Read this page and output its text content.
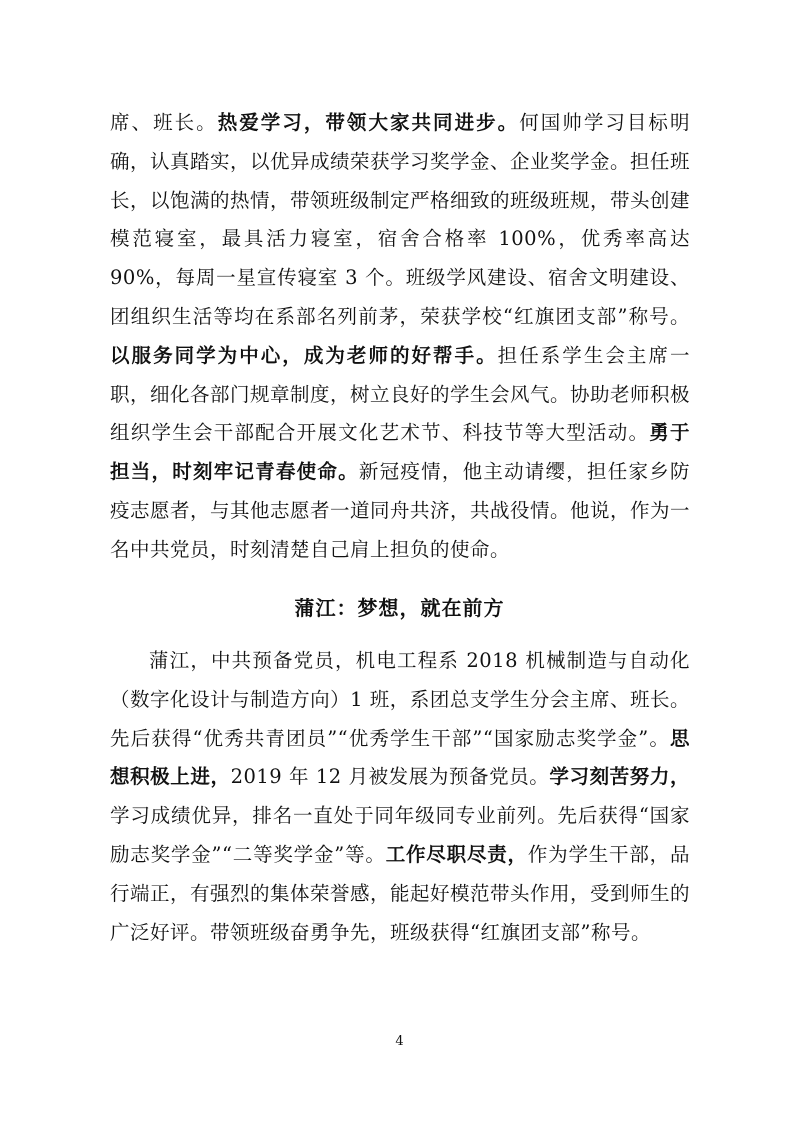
席、班长。热爱学习，带领大家共同进步。何国帅学习目标明确，认真踏实，以优异成绩荣获学习奖学金、企业奖学金。担任班长，以饱满的热情，带领班级制定严格细致的班级班规，带头创建模范寝室，最具活力寝室，宿舍合格率 100%，优秀率高达 90%，每周一星宣传寝室 3 个。班级学风建设、宿舍文明建设、团组织生活等均在系部名列前茅，荣获学校“红旗团支部”称号。以服务同学为中心，成为老师的好帮手。担任系学生会主席一职，细化各部门规章制度，树立良好的学生会风气。协助老师积极组织学生会干部配合开展文化艺术节、科技节等大型活动。勇于担当，时刻牢记青春使命。新冠疫情，他主动请缨，担任家乡防疫志愿者，与其他志愿者一道同舟共济，共战役情。他说，作为一名中共党员，时刻清楚自己肩上担负的使命。

蒲江：梦想，就在前方

蒲江，中共预备党员，机电工程系 2018 机械制造与自动化（数字化设计与制造方向）1 班，系团总支学生分会主席、班长。先后获得“优秀共青团员”“优秀学生干部”“国家励志奖学金”。思想积极上进，2019 年 12 月被发展为预备党员。学习刻苦努力，学习成绩优异，排名一直处于同年级同专业前列。先后获得“国家励志奖学金”“二等奖学金”等。工作尽职尽责，作为学生干部，品行端正，有强烈的集体荣誉感，能起好模范带头作用，受到师生的广泛好评。带领班级奋勇争先，班级获得“红旗团支部”称号。

4
